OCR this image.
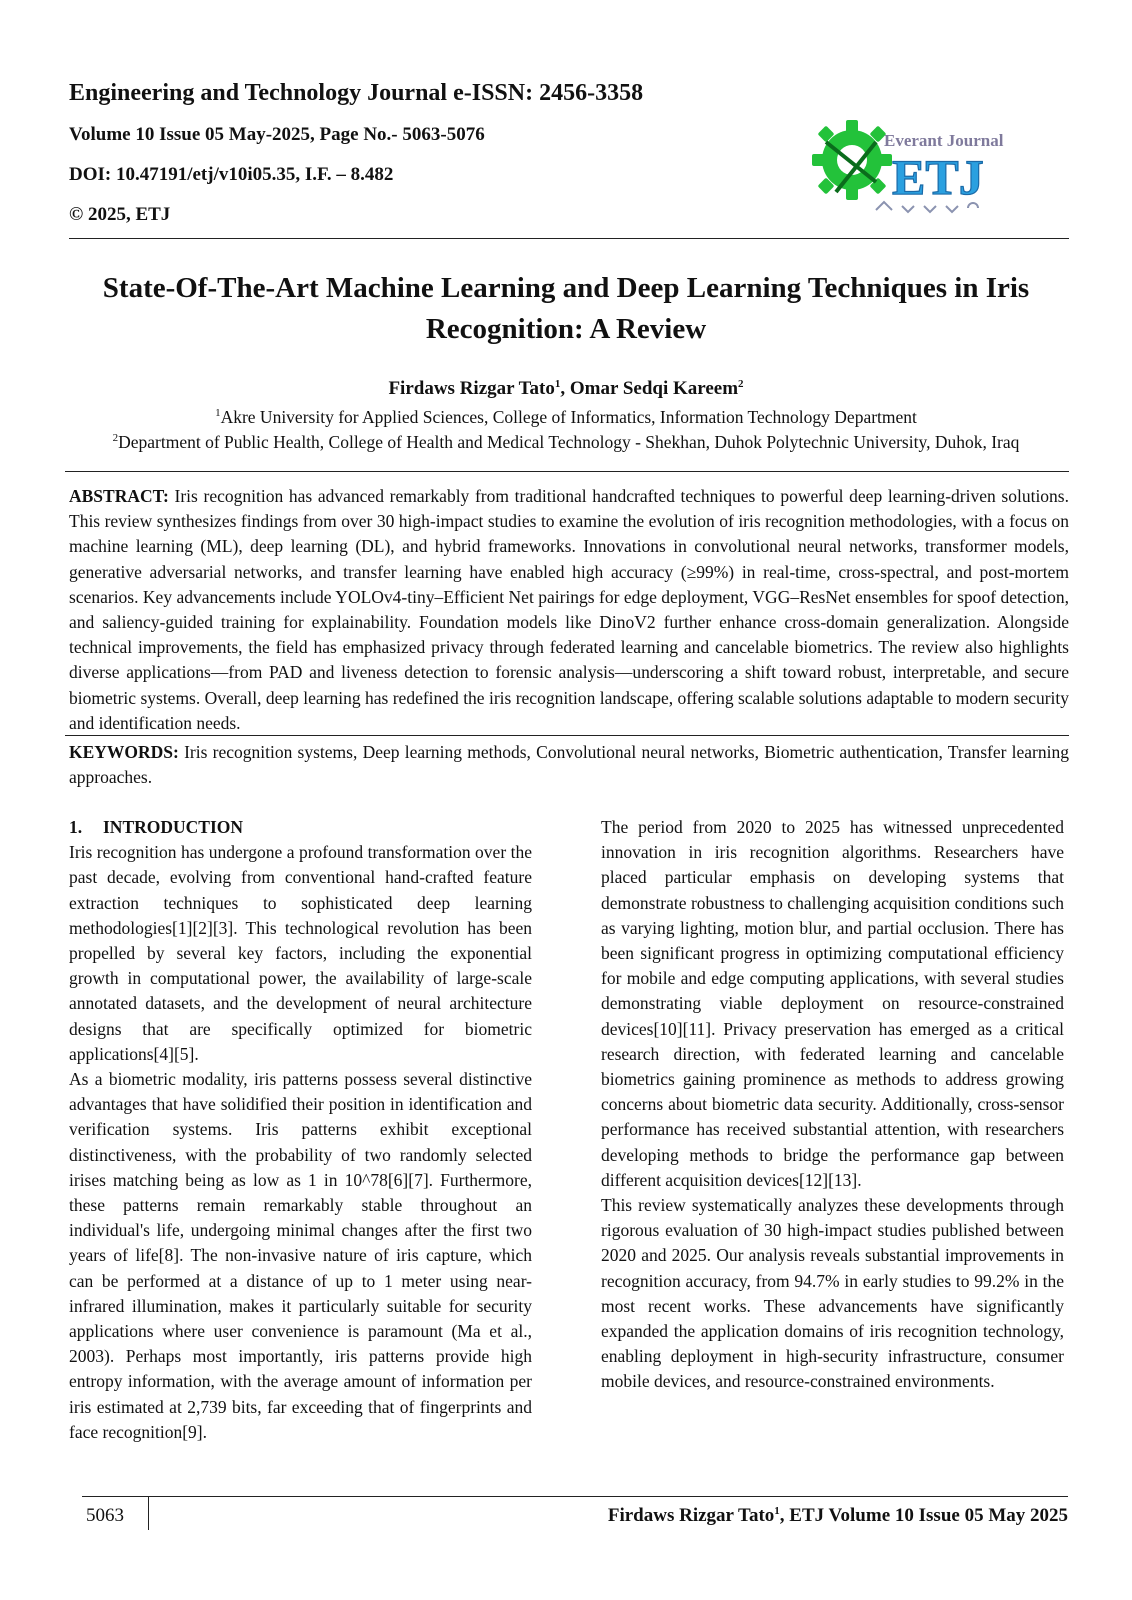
Engineering and Technology Journal e-ISSN: 2456-3358

Volume 10 Issue 05 May-2025, Page No.- 5063-5076

DOI: 10.47191/etj/v10i05.35, I.F. – 8.482

© 2025, ETJ

Everant Journal
ETJ
State-Of-The-Art Machine Learning and Deep Learning Techniques in Iris Recognition: A Review
Firdaws Rizgar Tato$^1$, Omar Sedqi Kareem$^2$
$^1$Akre University for Applied Sciences, College of Informatics, Information Technology Department
$^2$Department of Public Health, College of Health and Medical Technology - Shekhan, Duhok Polytechnic University, Duhok, Iraq

ABSTRACT: Iris recognition has advanced remarkably from traditional handcrafted techniques to powerful deep learning-driven solutions. This review synthesizes findings from over 30 high-impact studies to examine the evolution of iris recognition methodologies, with a focus on machine learning (ML), deep learning (DL), and hybrid frameworks. Innovations in convolutional neural networks, transformer models, generative adversarial networks, and transfer learning have enabled high accuracy (≥99%) in real-time, cross-spectral, and post-mortem scenarios. Key advancements include YOLOv4-tiny–Efficient Net pairings for edge deployment, VGG–ResNet ensembles for spoof detection, and saliency-guided training for explainability. Foundation models like DinoV2 further enhance cross-domain generalization. Alongside technical improvements, the field has emphasized privacy through federated learning and cancelable biometrics. The review also highlights diverse applications—from PAD and liveness detection to forensic analysis—underscoring a shift toward robust, interpretable, and secure biometric systems. Overall, deep learning has redefined the iris recognition landscape, offering scalable solutions adaptable to modern security and identification needs.

KEYWORDS: Iris recognition systems, Deep learning methods, Convolutional neural networks, Biometric authentication, Transfer learning approaches.

1. INTRODUCTION

Iris recognition has undergone a profound transformation over the past decade, evolving from conventional hand-crafted feature extraction techniques to sophisticated deep learning methodologies[1][2][3]. This technological revolution has been propelled by several key factors, including the exponential growth in computational power, the availability of large-scale annotated datasets, and the development of neural architecture designs that are specifically optimized for biometric applications[4][5].

As a biometric modality, iris patterns possess several distinctive advantages that have solidified their position in identification and verification systems. Iris patterns exhibit exceptional distinctiveness, with the probability of two randomly selected irises matching being as low as 1 in 10^78[6][7]. Furthermore, these patterns remain remarkably stable throughout an individual's life, undergoing minimal changes after the first two years of life[8]. The non-invasive nature of iris capture, which can be performed at a distance of up to 1 meter using near-infrared illumination, makes it particularly suitable for security applications where user convenience is paramount (Ma et al., 2003). Perhaps most importantly, iris patterns provide high entropy information, with the average amount of information per iris estimated at 2,739 bits, far exceeding that of fingerprints and face recognition[9].

The period from 2020 to 2025 has witnessed unprecedented innovation in iris recognition algorithms. Researchers have placed particular emphasis on developing systems that demonstrate robustness to challenging acquisition conditions such as varying lighting, motion blur, and partial occlusion. There has been significant progress in optimizing computational efficiency for mobile and edge computing applications, with several studies demonstrating viable deployment on resource-constrained devices[10][11]. Privacy preservation has emerged as a critical research direction, with federated learning and cancelable biometrics gaining prominence as methods to address growing concerns about biometric data security. Additionally, cross-sensor performance has received substantial attention, with researchers developing methods to bridge the performance gap between different acquisition devices[12][13].

This review systematically analyzes these developments through rigorous evaluation of 30 high-impact studies published between 2020 and 2025. Our analysis reveals substantial improvements in recognition accuracy, from 94.7% in early studies to 99.2% in the most recent works. These advancements have significantly expanded the application domains of iris recognition technology, enabling deployment in high-security infrastructure, consumer mobile devices, and resource-constrained environments.

5063	Firdaws Rizgar Tato$^1$, ETJ Volume 10 Issue 05 May 2025
